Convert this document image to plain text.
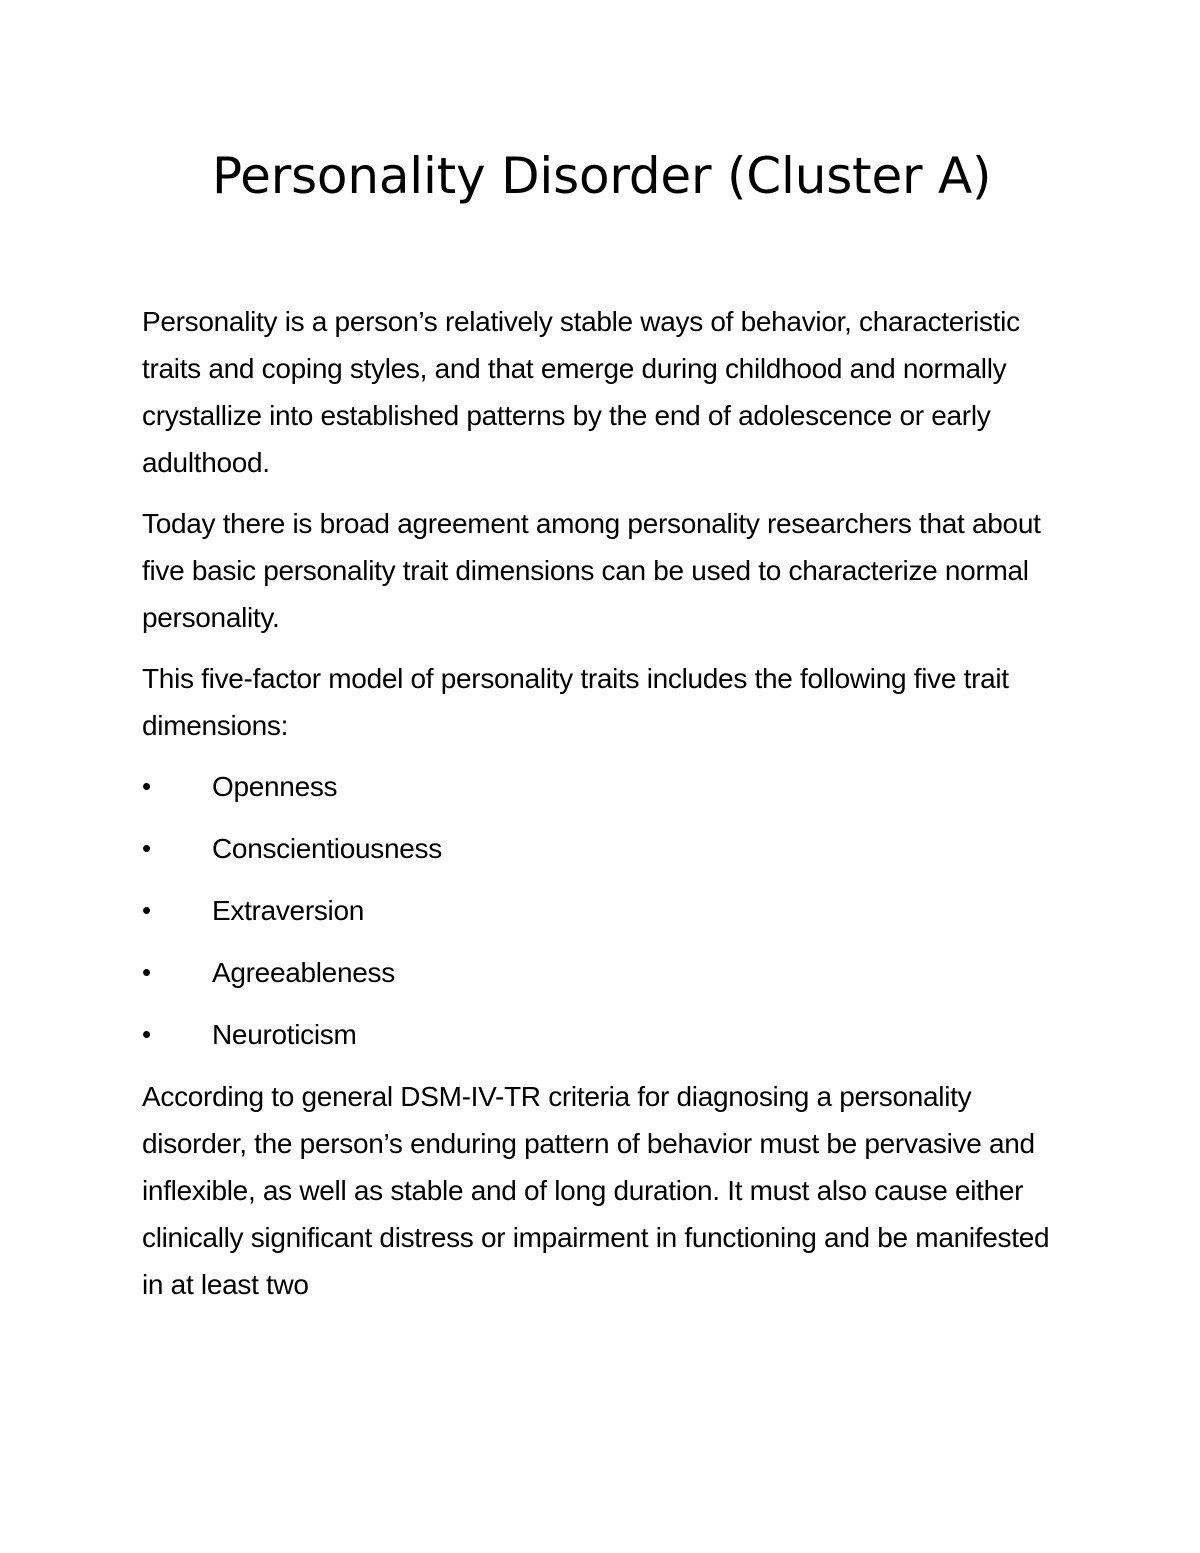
Personality Disorder (Cluster A)

Personality is a person’s relatively stable ways of behavior, characteristic traits and coping styles, and that emerge during childhood and normally crystallize into established patterns by the end of adolescence or early adulthood.

Today there is broad agreement among personality researchers that about five basic personality trait dimensions can be used to characterize normal personality.

This five-factor model of personality traits includes the following five trait dimensions:

•	Openness
•	Conscientiousness
•	Extraversion
•	Agreeableness
•	Neuroticism

According to general DSM-IV-TR criteria for diagnosing a personality disorder, the person’s enduring pattern of behavior must be pervasive and inflexible, as well as stable and of long duration. It must also cause either clinically significant distress or impairment in functioning and be manifested in at least two
